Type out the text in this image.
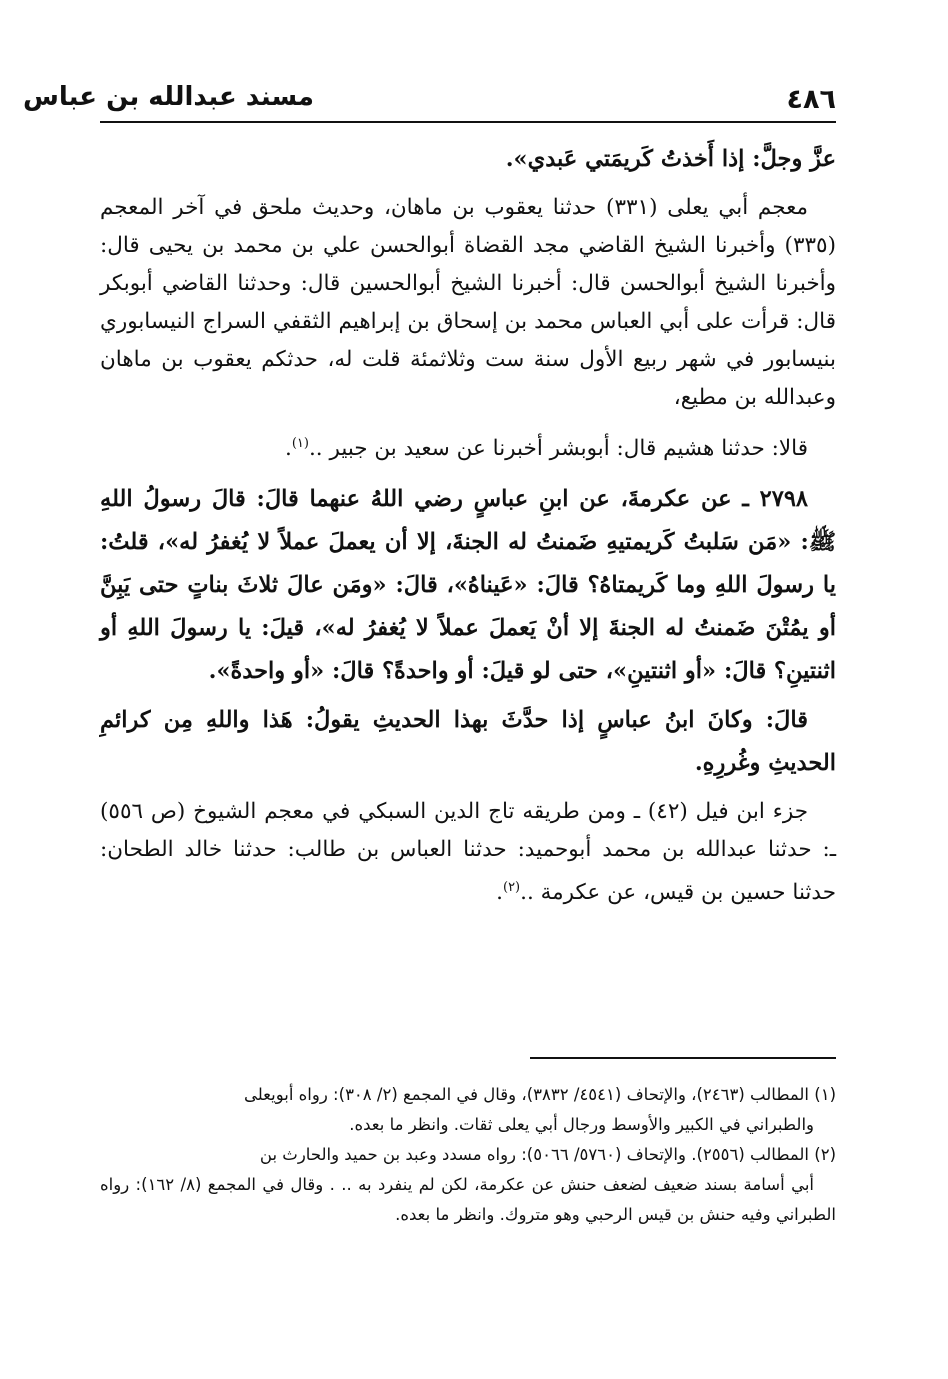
٤٨٦
مسند عبدالله بن عباس

عزَّ وجلَّ: إذا أَخذتُ كَريمَتي عَبدي».

معجم أبي يعلى (٣٣١) حدثنا يعقوب بن ماهان، وحديث ملحق في آخر المعجم (٣٣٥) وأخبرنا الشيخ القاضي مجد القضاة أبوالحسن علي بن محمد بن يحيى قال: وأخبرنا الشيخ أبوالحسن قال: أخبرنا الشيخ أبوالحسين قال: وحدثنا القاضي أبوبكر قال: قرأت على أبي العباس محمد بن إسحاق بن إبراهيم الثقفي السراج النيسابوري بنيسابور في شهر ربيع الأول سنة ست وثلاثمئة قلت له، حدثكم يعقوب بن ماهان وعبدالله بن مطيع،

قالا: حدثنا هشيم قال: أبوبشر أخبرنا عن سعيد بن جبير ..$^{(١)}$.

٢٧٩٨ ـ عن عكرمةَ، عن ابنِ عباسٍ رضي اللهُ عنهما قالَ: قالَ رسولُ اللهِ ﷺ: «مَن سَلبتُ كَريمتيهِ ضَمنتُ له الجنةَ، إلا أن يعملَ عملاً لا يُغفرُ له»، قلتُ: يا رسولَ اللهِ وما كَريمتاهُ؟ قالَ: «عَيناهُ»، قالَ: «ومَن عالَ ثلاثَ بناتٍ حتى يَبِنَّ أو يمُتْنَ ضَمنتُ له الجنةَ إلا أنْ يَعملَ عملاً لا يُغفرُ له»، قيلَ: يا رسولَ اللهِ أو اثنتينِ؟ قالَ: «أو اثنتينِ»، حتى لو قيلَ: أو واحدةً؟ قالَ: «أو واحدةً».

قالَ: وكانَ ابنُ عباسٍ إذا حدَّثَ بهذا الحديثِ يقولُ: هَذا واللهِ مِن كرائمِ الحديثِ وغُررِهِ.

جزء ابن فيل (٤٢) ـ ومن طريقه تاج الدين السبكي في معجم الشيوخ (ص ٥٥٦) ـ: حدثنا عبدالله بن محمد أبوحميد: حدثنا العباس بن طالب: حدثنا خالد الطحان: حدثنا حسين بن قيس، عن عكرمة ..$^{(٢)}$.

(١) المطالب (٢٤٦٣)، والإتحاف (٤٥٤١/ ٣٨٣٢)، وقال في المجمع (٢/ ٣٠٨): رواه أبويعلى
والطبراني في الكبير والأوسط ورجال أبي يعلى ثقات. وانظر ما بعده.

(٢) المطالب (٢٥٥٦). والإتحاف (٥٧٦٠/ ٥٠٦٦): رواه مسدد وعبد بن حميد والحارث بن
أبي أسامة بسند ضعيف لضعف حنش عن عكرمة، لكن لم ينفرد به .. . وقال في المجمع (٨/ ١٦٢): رواه الطبراني وفيه حنش بن قيس الرحبي وهو متروك. وانظر ما بعده.
